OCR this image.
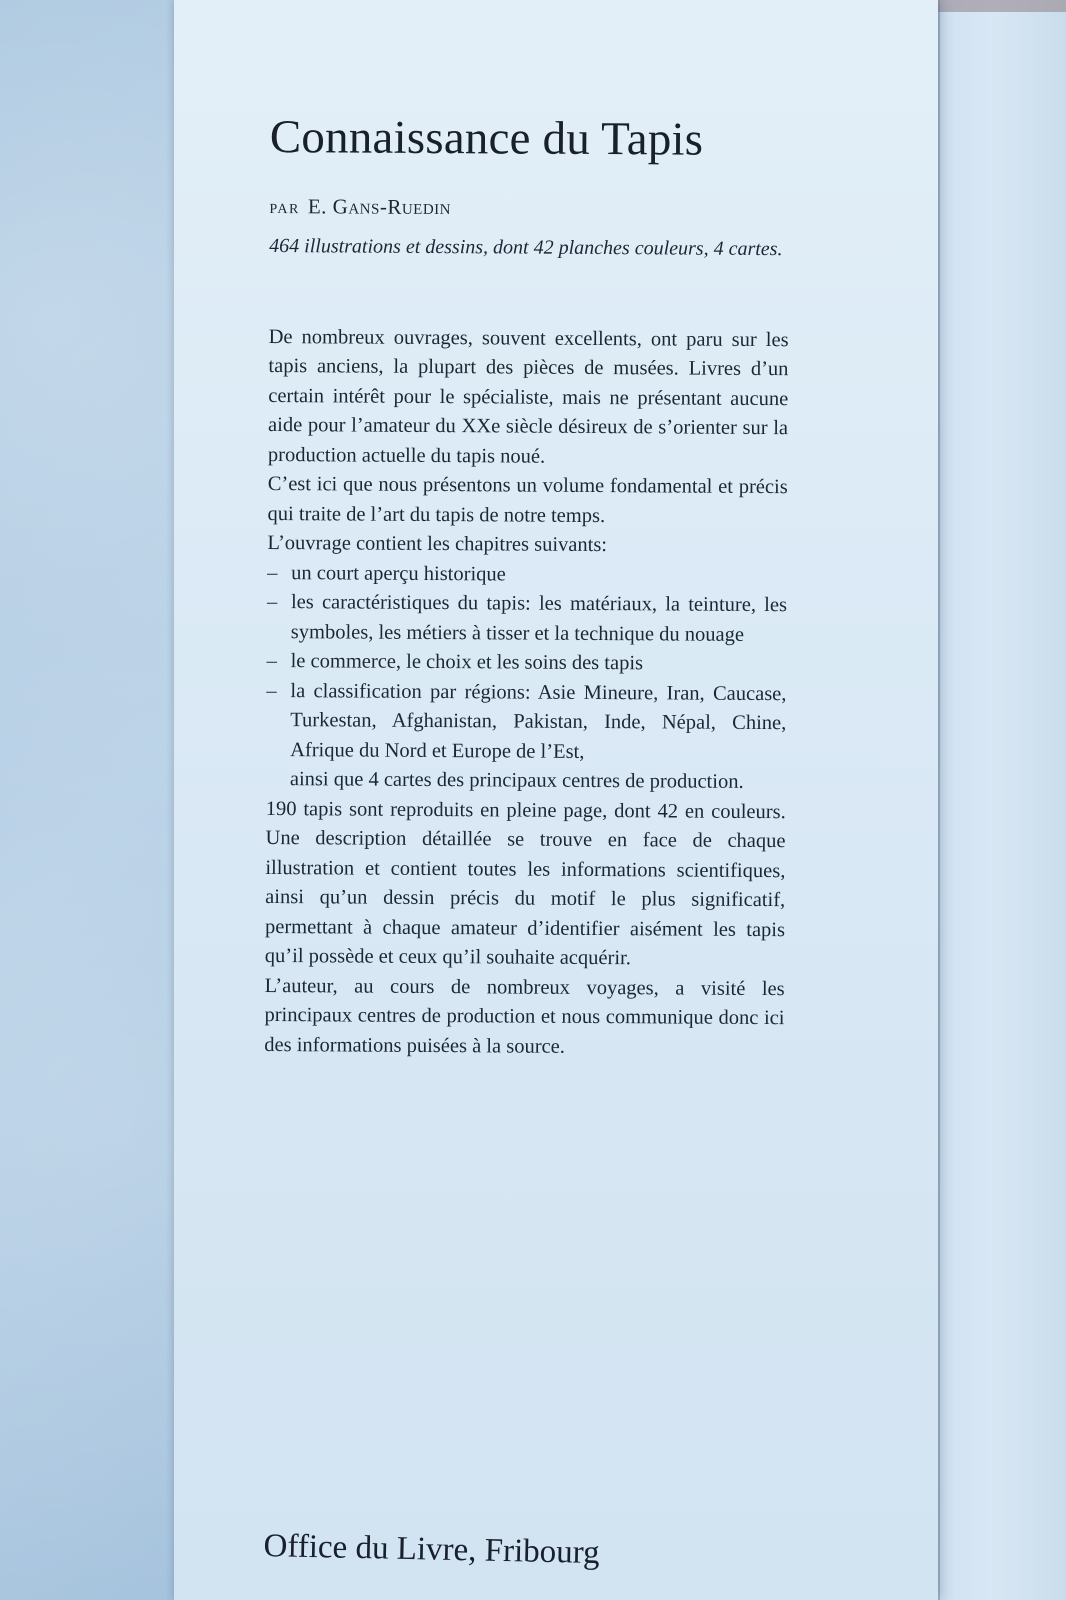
Connaissance du Tapis
PAR E. Gans-Ruedin
464 illustrations et dessins, dont 42 planches couleurs, 4 cartes.

De nombreux ouvrages, souvent excellents, ont paru sur les tapis anciens, la plupart des pièces de musées. Livres d’un certain intérêt pour le spécialiste, mais ne présentant aucune aide pour l’amateur du XXe siècle désireux de s’orienter sur la production actuelle du tapis noué.

C’est ici que nous présentons un volume fondamental et précis qui traite de l’art du tapis de notre temps.

L’ouvrage contient les chapitres suivants:

– un court aperçu historique
– les caractéristiques du tapis: les matériaux, la teinture, les symboles, les métiers à tisser et la technique du nouage
– le commerce, le choix et les soins des tapis
– la classification par régions: Asie Mineure, Iran, Caucase, Turkestan, Afghanistan, Pakistan, Inde, Népal, Chine, Afrique du Nord et Europe de l’Est,

ainsi que 4 cartes des principaux centres de production.

190 tapis sont reproduits en pleine page, dont 42 en couleurs. Une description détaillée se trouve en face de chaque illustration et contient toutes les informations scientifiques, ainsi qu’un dessin précis du motif le plus significatif, permettant à chaque amateur d’identifier aisément les tapis qu’il possède et ceux qu’il souhaite acquérir.

L’auteur, au cours de nombreux voyages, a visité les principaux centres de production et nous communique donc ici des informations puisées à la source.

Office du Livre, Fribourg
